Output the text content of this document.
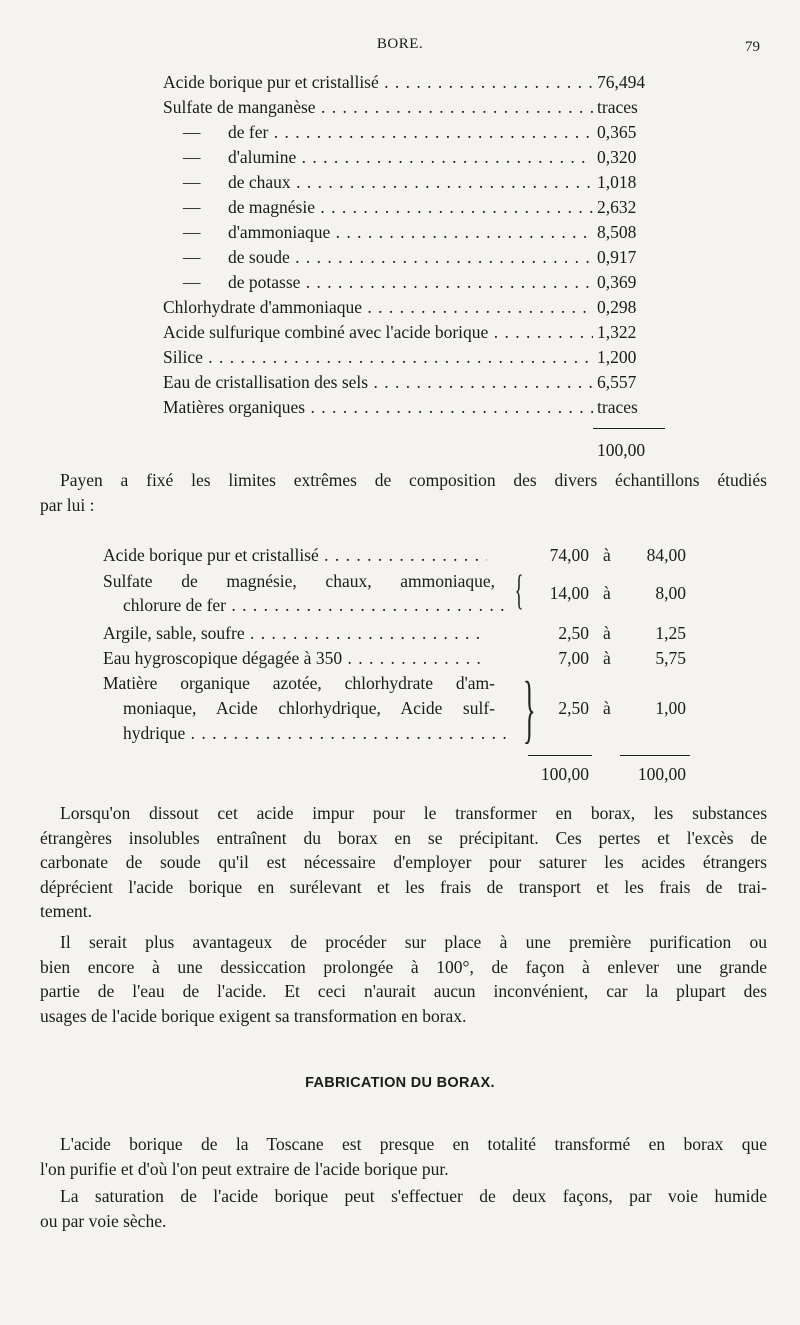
BORE.	79
Acide borique pur et cristallisé . . .	76,494
Sulfate de manganèse . . .	traces
— de fer . . .	0,365
— d'alumine . . .	0,320
— de chaux . . .	1,018
— de magnésie . . .	2,632
— d'ammoniaque . . .	8,508
— de soude . . .	0,917
— de potasse . . .	0,369
Chlorhydrate d'ammoniaque . . .	0,298
Acide sulfurique combiné avec l'acide borique . . .	1,322
Silice . . .	1,200
Eau de cristallisation des sels . . .	6,557
Matières organiques . . .	traces
100,00
Payen a fixé les limites extrêmes de composition des divers échantillons étudiés
par lui :
Acide borique pur et cristallisé . . .	74,00 à	84,00
Sulfate de magnésie, chaux, ammoniaque,
chlorure de fer . . .	{	14,00 à	8,00
Argile, sable, soufre . . .	2,50 à	1,25
Eau hygroscopique dégagée à 350 . . .	7,00 à	5,75
Matière organique azotée, chlorhydrate d'am-
moniaque, Acide chlorhydrique, Acide sulf-
hydrique . . .	}	2,50 à	1,00
100,00	100,00
Lorsqu'on dissout cet acide impur pour le transformer en borax, les substances
étrangères insolubles entraînent du borax en se précipitant. Ces pertes et l'excès de
carbonate de soude qu'il est nécessaire d'employer pour saturer les acides étrangers
déprécient l'acide borique en surélevant et les frais de transport et les frais de trai-
tement.
Il serait plus avantageux de procéder sur place à une première purification ou
bien encore à une dessiccation prolongée à 100°, de façon à enlever une grande
partie de l'eau de l'acide. Et ceci n'aurait aucun inconvénient, car la plupart des
usages de l'acide borique exigent sa transformation en borax.
FABRICATION DU BORAX.
L'acide borique de la Toscane est presque en totalité transformé en borax que
l'on purifie et d'où l'on peut extraire de l'acide borique pur.
La saturation de l'acide borique peut s'effectuer de deux façons, par voie humide
ou par voie sèche.
